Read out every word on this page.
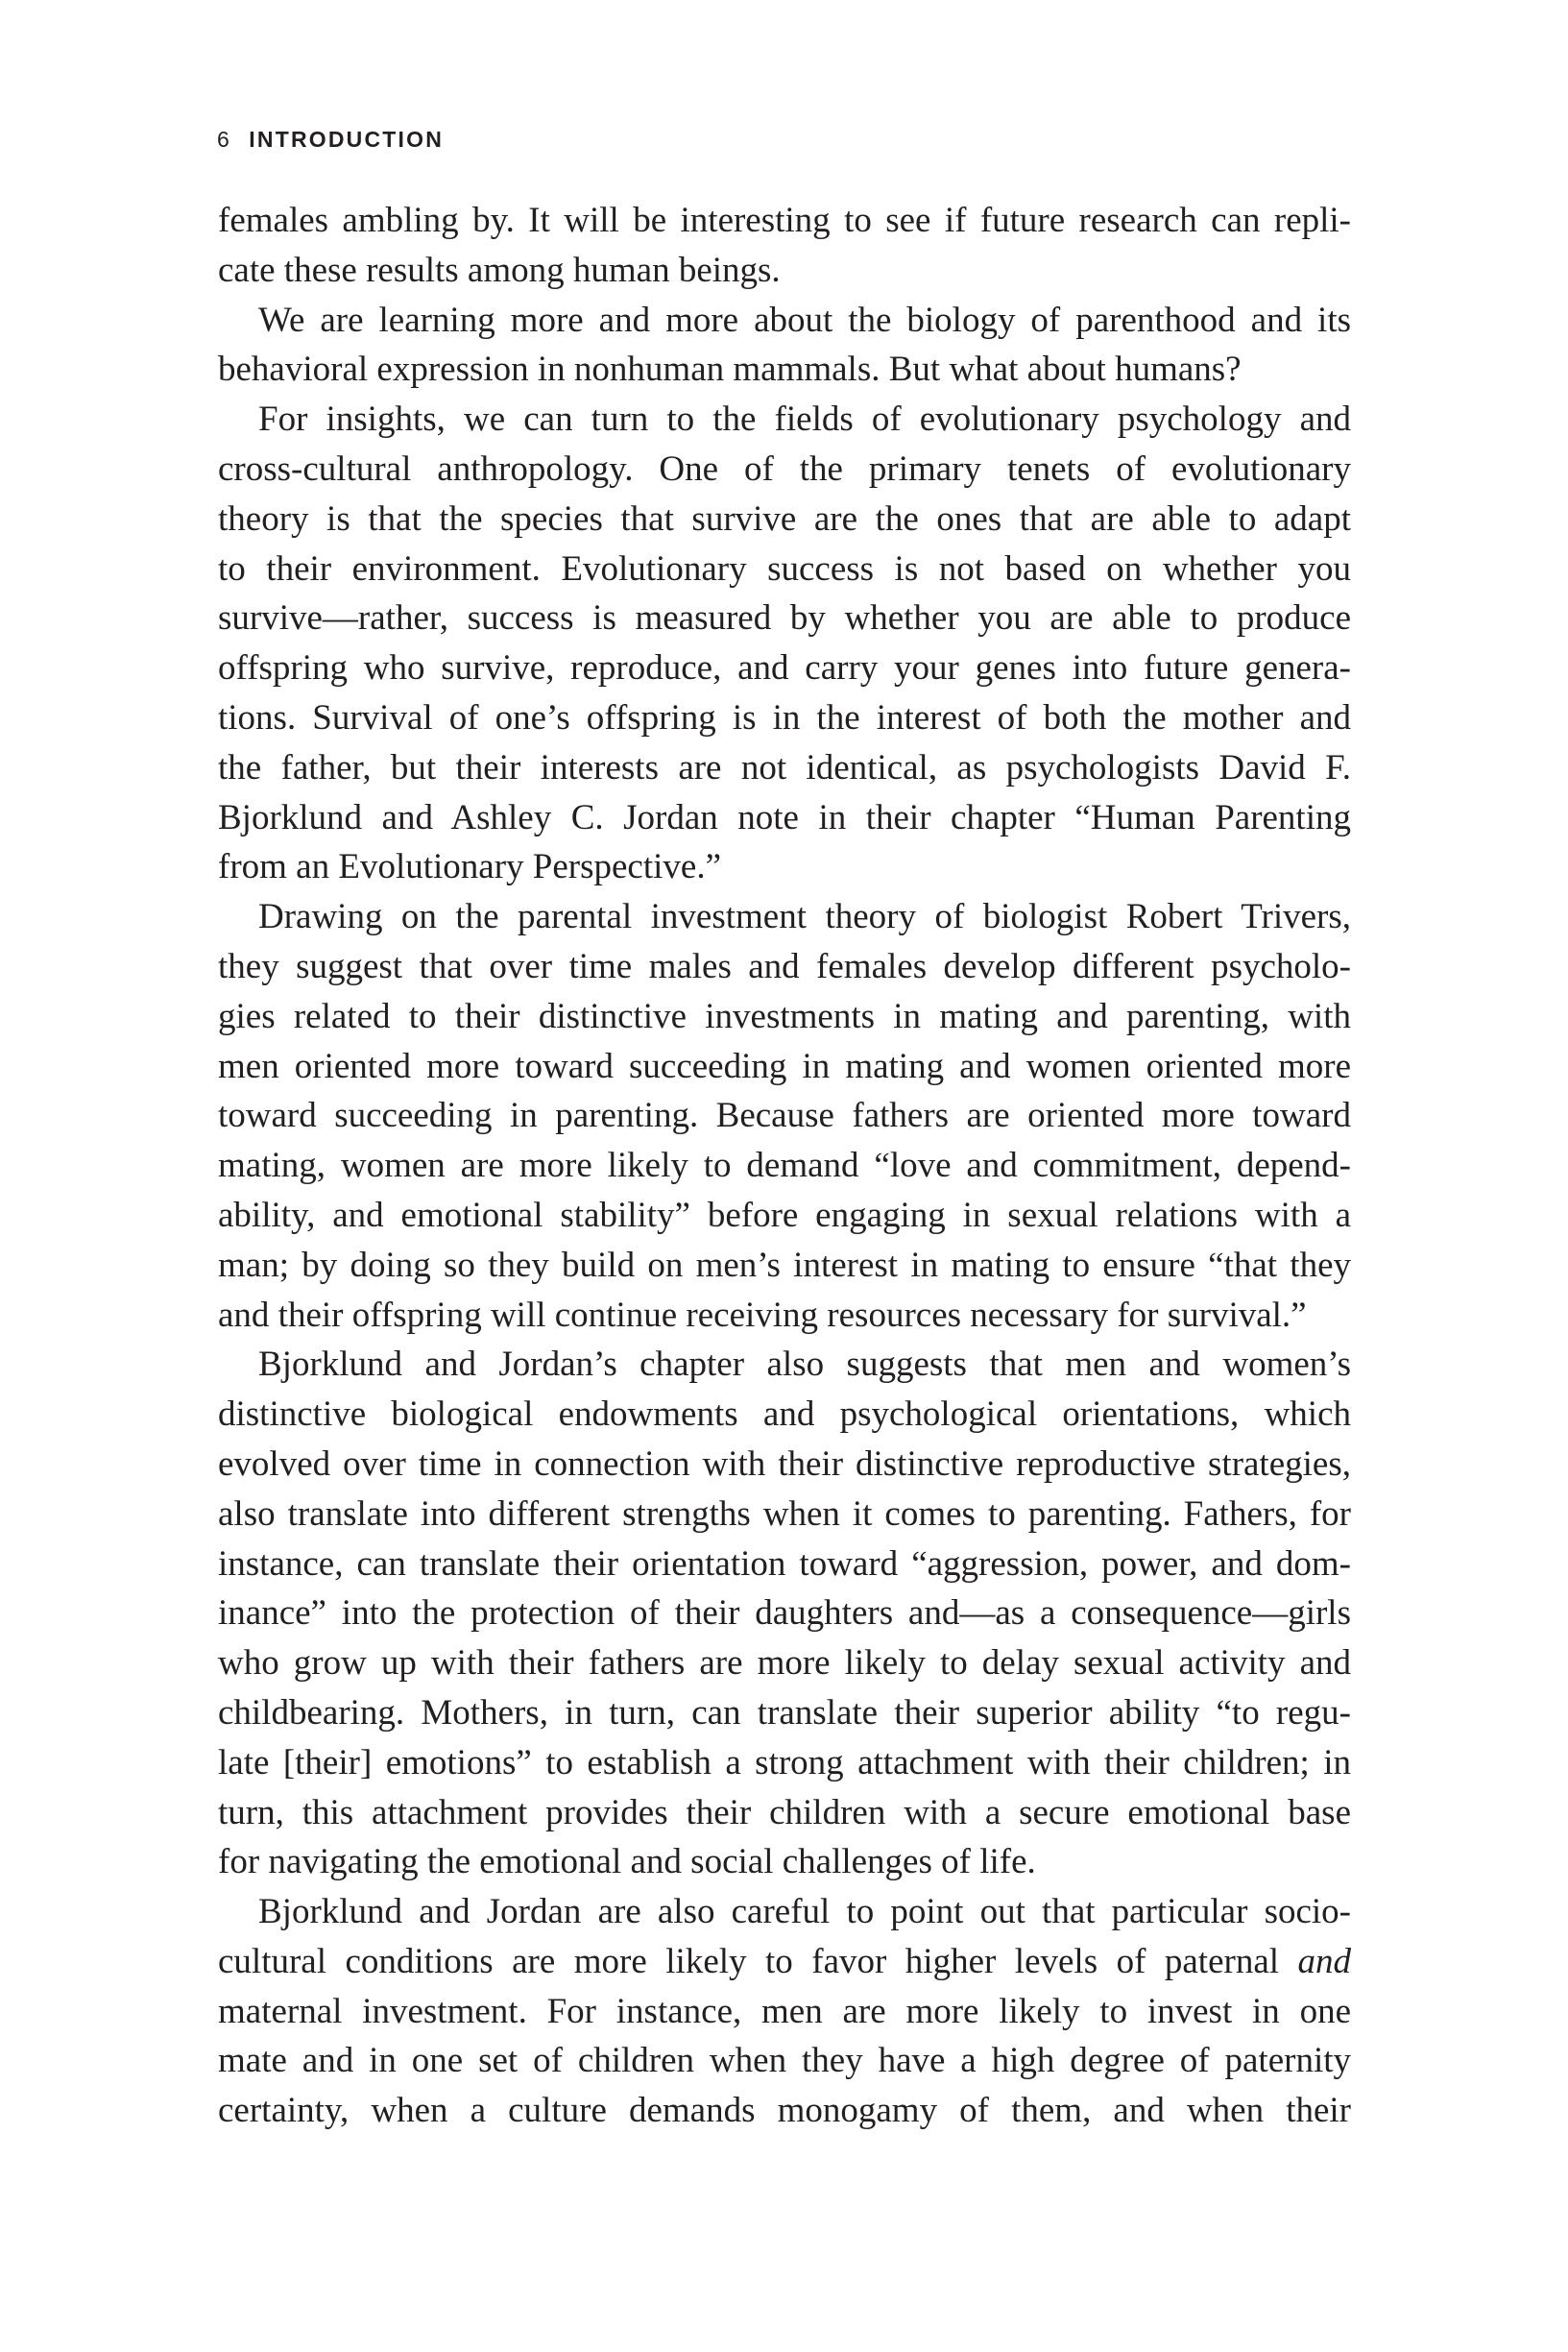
6 INTRODUCTION
females ambling by. It will be interesting to see if future research can repli-
cate these results among human beings.
We are learning more and more about the biology of parenthood and its
behavioral expression in nonhuman mammals. But what about humans?
For insights, we can turn to the fields of evolutionary psychology and
cross-cultural anthropology. One of the primary tenets of evolutionary
theory is that the species that survive are the ones that are able to adapt
to their environment. Evolutionary success is not based on whether you
survive—rather, success is measured by whether you are able to produce
offspring who survive, reproduce, and carry your genes into future genera-
tions. Survival of one’s offspring is in the interest of both the mother and
the father, but their interests are not identical, as psychologists David F.
Bjorklund and Ashley C. Jordan note in their chapter “Human Parenting
from an Evolutionary Perspective.”
Drawing on the parental investment theory of biologist Robert Trivers,
they suggest that over time males and females develop different psycholo-
gies related to their distinctive investments in mating and parenting, with
men oriented more toward succeeding in mating and women oriented more
toward succeeding in parenting. Because fathers are oriented more toward
mating, women are more likely to demand “love and commitment, depend-
ability, and emotional stability” before engaging in sexual relations with a
man; by doing so they build on men’s interest in mating to ensure “that they
and their offspring will continue receiving resources necessary for survival.”
Bjorklund and Jordan’s chapter also suggests that men and women’s
distinctive biological endowments and psychological orientations, which
evolved over time in connection with their distinctive reproductive strategies,
also translate into different strengths when it comes to parenting. Fathers, for
instance, can translate their orientation toward “aggression, power, and dom-
inance” into the protection of their daughters and—as a consequence—girls
who grow up with their fathers are more likely to delay sexual activity and
childbearing. Mothers, in turn, can translate their superior ability “to regu-
late [their] emotions” to establish a strong attachment with their children; in
turn, this attachment provides their children with a secure emotional base
for navigating the emotional and social challenges of life.
Bjorklund and Jordan are also careful to point out that particular socio-
cultural conditions are more likely to favor higher levels of paternal and
maternal investment. For instance, men are more likely to invest in one
mate and in one set of children when they have a high degree of paternity
certainty, when a culture demands monogamy of them, and when their
